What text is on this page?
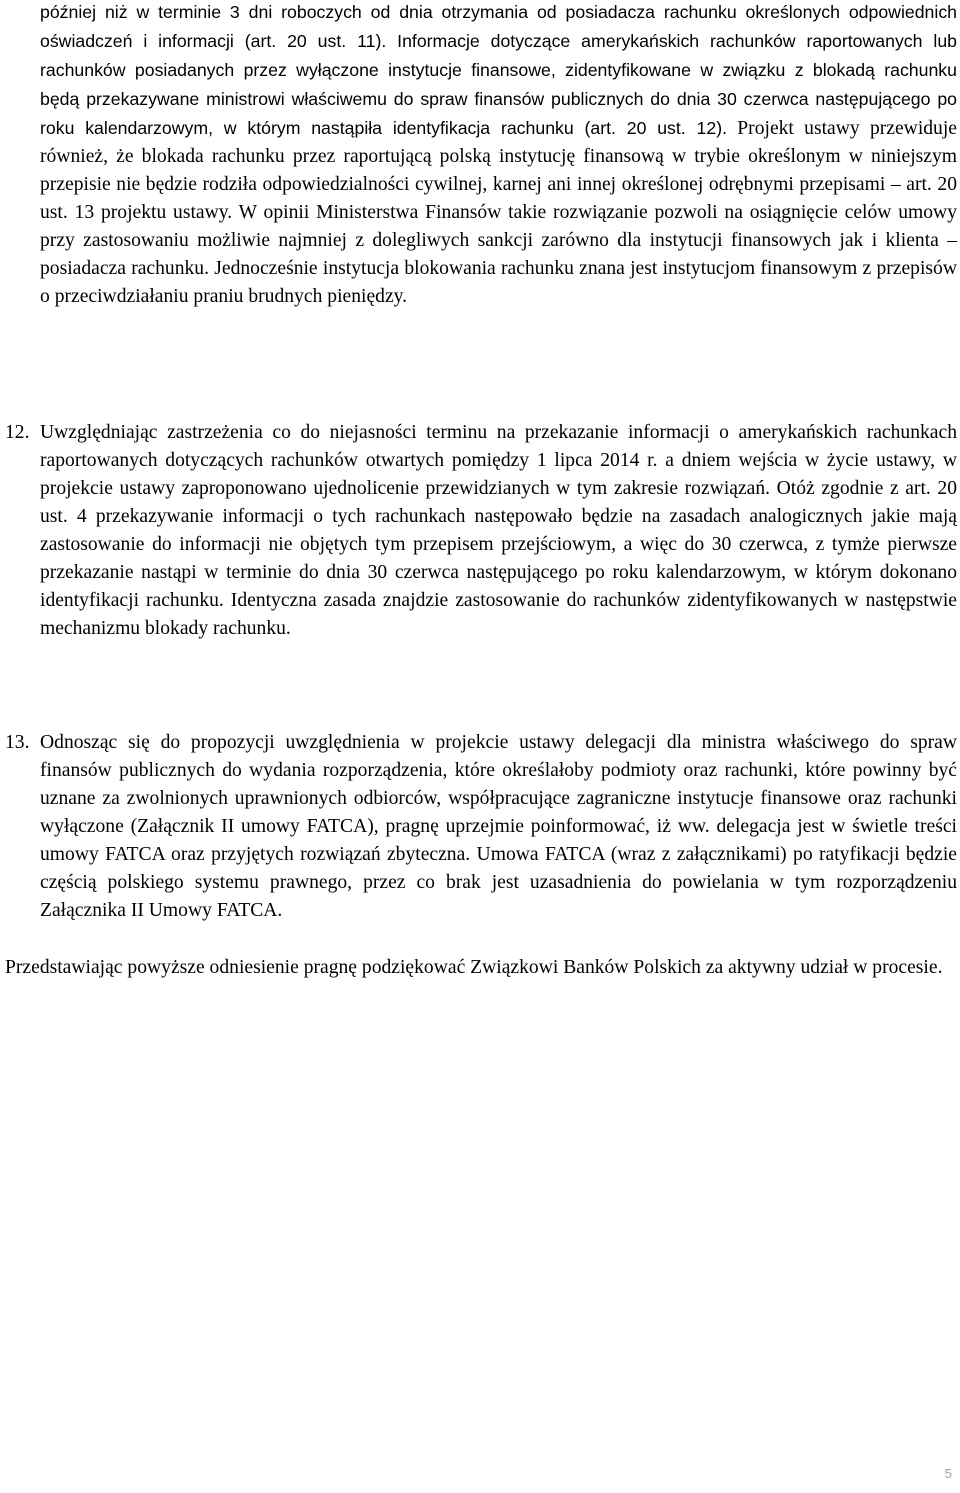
później niż w terminie 3 dni roboczych od dnia otrzymania od posiadacza rachunku określonych odpowiednich oświadczeń i informacji (art. 20 ust. 11). Informacje dotyczące amerykańskich rachunków raportowanych lub rachunków posiadanych przez wyłączone instytucje finansowe, zidentyfikowane w związku z blokadą rachunku będą przekazywane ministrowi właściwemu do spraw finansów publicznych do dnia 30 czerwca następującego po roku kalendarzowym, w którym nastąpiła identyfikacja rachunku (art. 20 ust. 12). Projekt ustawy przewiduje również, że blokada rachunku przez raportującą polską instytucję finansową w trybie określonym w niniejszym przepisie nie będzie rodziła odpowiedzialności cywilnej, karnej ani innej określonej odrębnymi przepisami – art. 20 ust. 13 projektu ustawy. W opinii Ministerstwa Finansów takie rozwiązanie pozwoli na osiągnięcie celów umowy przy zastosowaniu możliwie najmniej z dolegliwych sankcji zarówno dla instytucji finansowych jak i klienta – posiadacza rachunku. Jednocześnie instytucja blokowania rachunku znana jest instytucjom finansowym z przepisów o przeciwdziałaniu praniu brudnych pieniędzy.

12. Uwzględniając zastrzeżenia co do niejasności terminu na przekazanie informacji o amerykańskich rachunkach raportowanych dotyczących rachunków otwartych pomiędzy 1 lipca 2014 r. a dniem wejścia w życie ustawy, w projekcie ustawy zaproponowano ujednolicenie przewidzianych w tym zakresie rozwiązań. Otóż zgodnie z art. 20 ust. 4 przekazywanie informacji o tych rachunkach następowało będzie na zasadach analogicznych jakie mają zastosowanie do informacji nie objętych tym przepisem przejściowym, a więc do 30 czerwca, z tymże pierwsze przekazanie nastąpi w terminie do dnia 30 czerwca następującego po roku kalendarzowym, w którym dokonano identyfikacji rachunku. Identyczna zasada znajdzie zastosowanie do rachunków zidentyfikowanych w następstwie mechanizmu blokady rachunku.

13. Odnosząc się do propozycji uwzględnienia w projekcie ustawy delegacji dla ministra właściwego do spraw finansów publicznych do wydania rozporządzenia, które określałoby podmioty oraz rachunki, które powinny być uznane za zwolnionych uprawnionych odbiorców, współpracujące zagraniczne instytucje finansowe oraz rachunki wyłączone (Załącznik II umowy FATCA), pragnę uprzejmie poinformować, iż ww. delegacja jest w świetle treści umowy FATCA oraz przyjętych rozwiązań zbyteczna. Umowa FATCA (wraz z załącznikami) po ratyfikacji będzie częścią polskiego systemu prawnego, przez co brak jest uzasadnienia do powielania w tym rozporządzeniu Załącznika II Umowy FATCA.

Przedstawiając powyższe odniesienie pragnę podziękować Związkowi Banków Polskich za aktywny udział w procesie.

5
